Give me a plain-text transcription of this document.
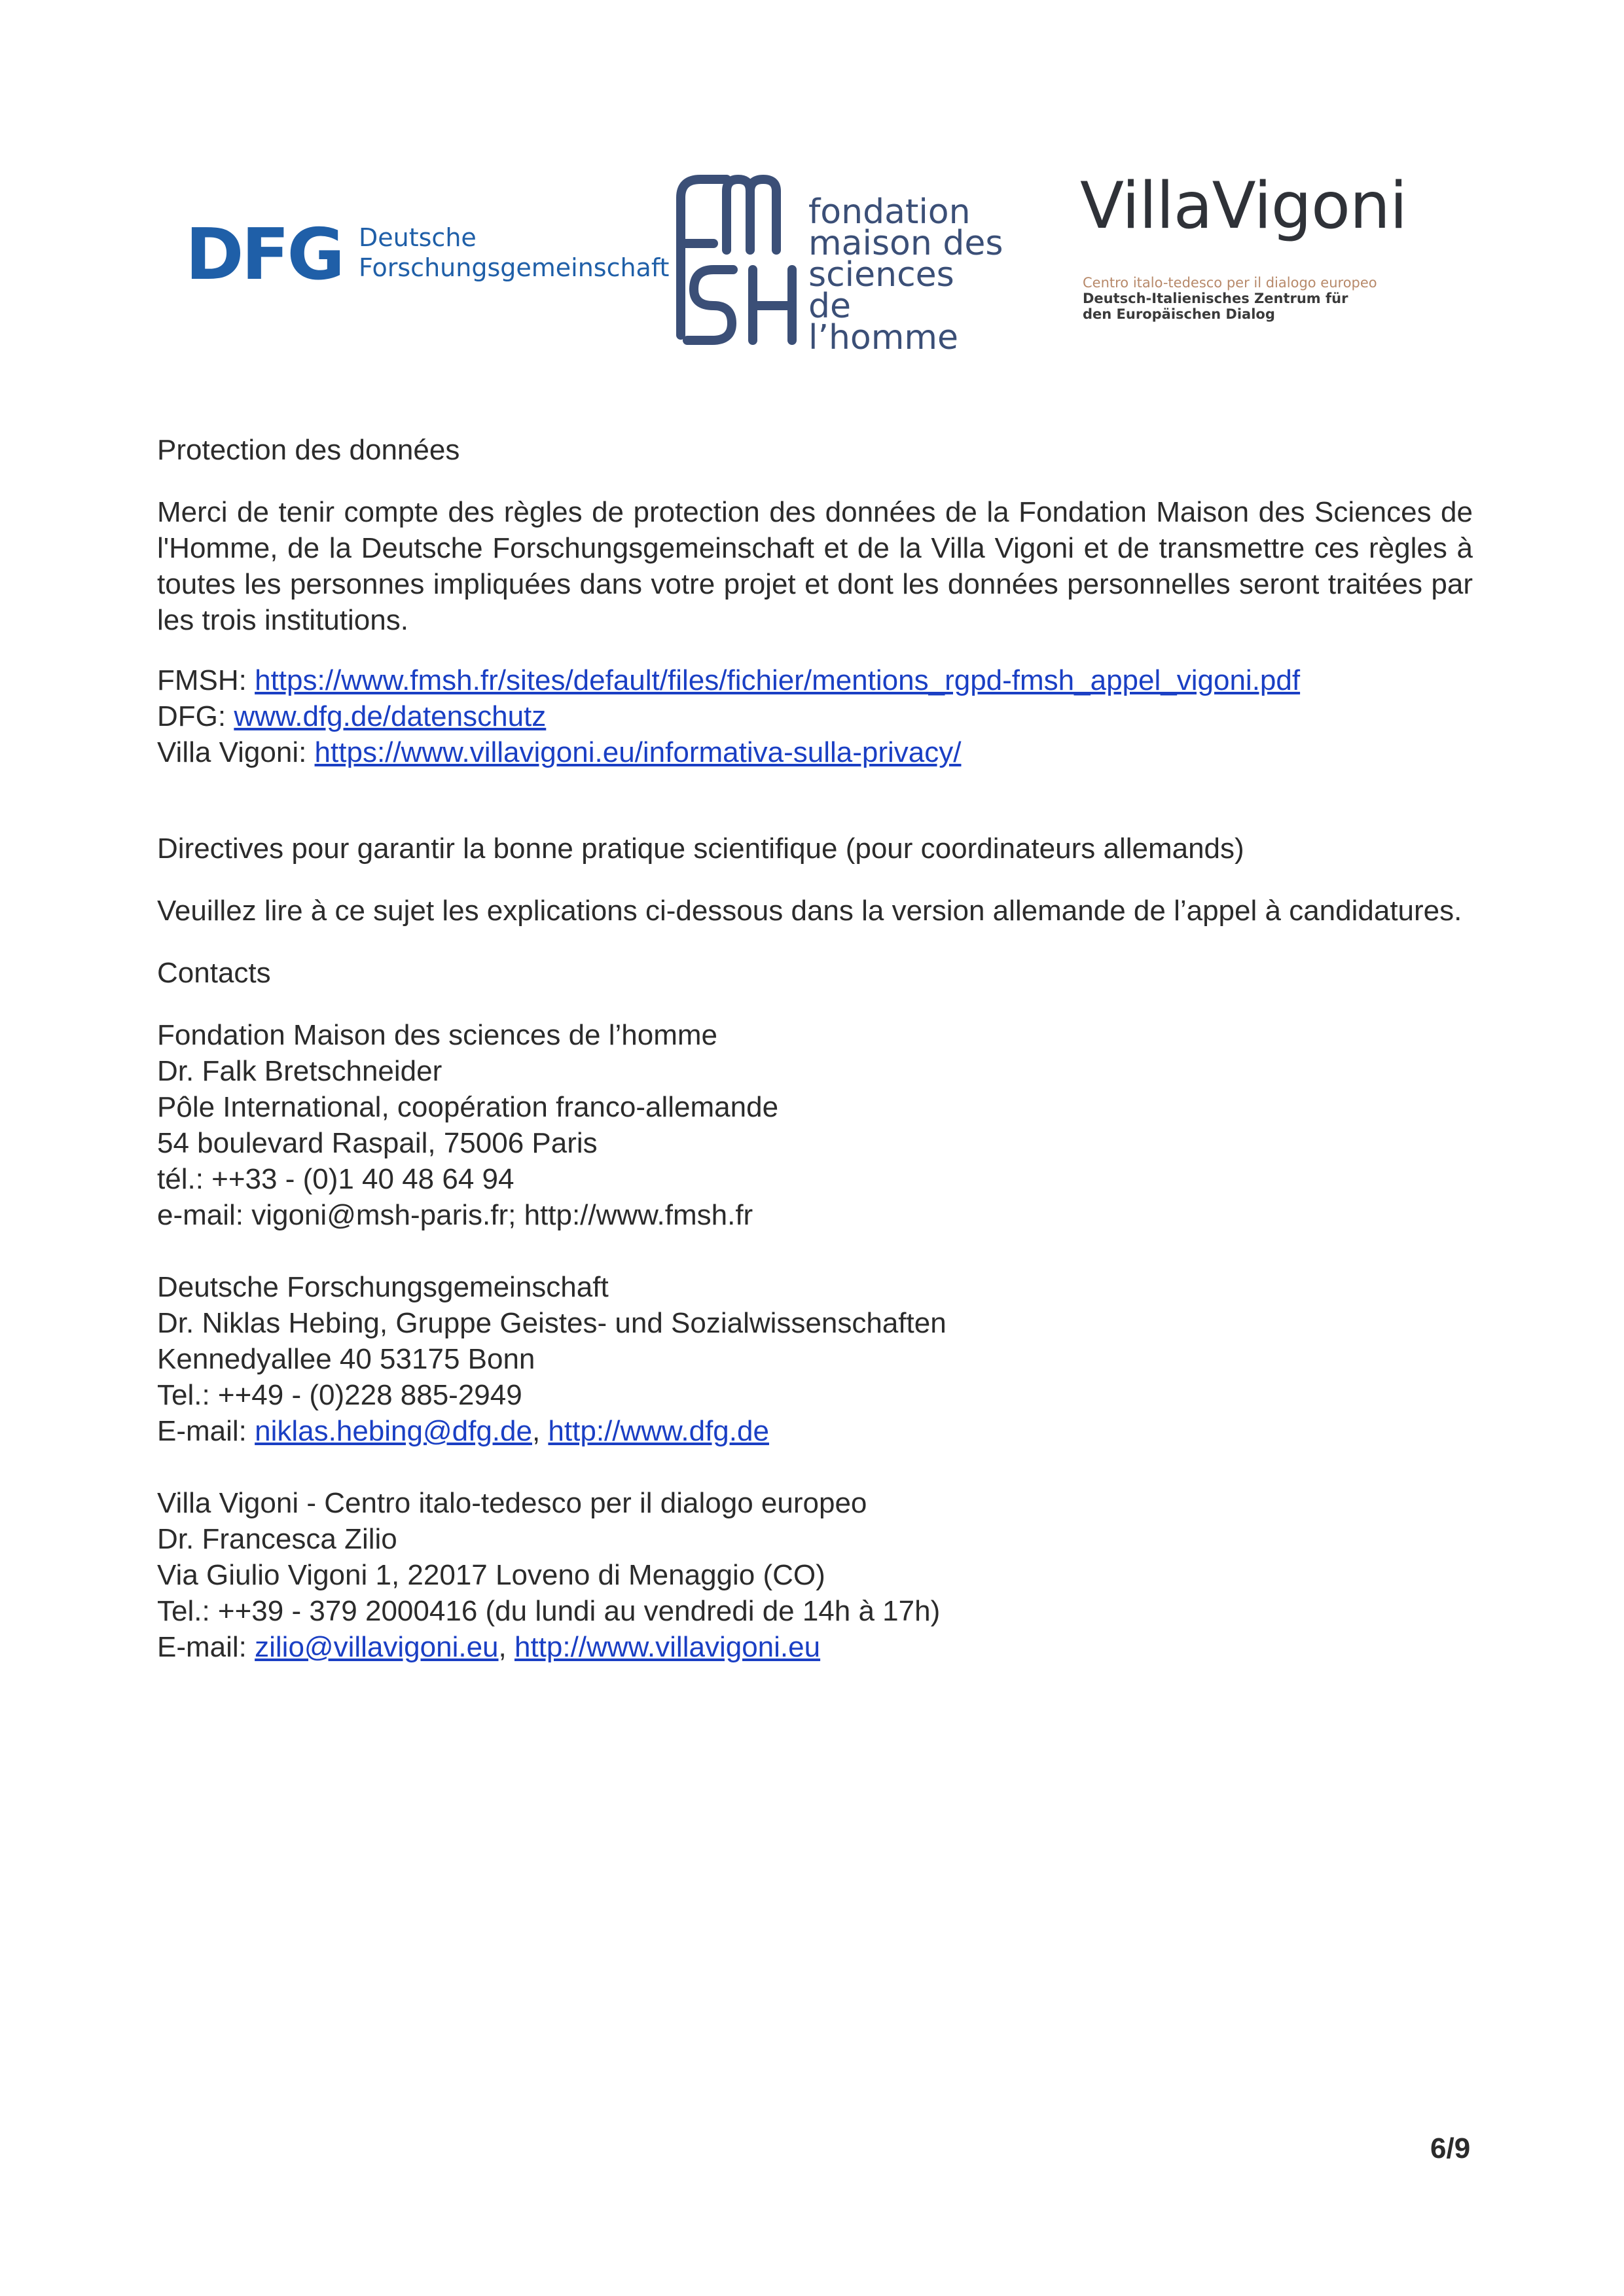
DFG Deutsche
Forschungsgemeinschaft
fondation
maison des
sciences
de l’homme
VillaVigoni
Centro italo-tedesco per il dialogo europeo
Deutsch-Italienisches Zentrum für
den Europäischen Dialog

Protection des données

Merci de tenir compte des règles de protection des données de la Fondation Maison des Sciences de l'Homme, de la Deutsche Forschungsgemeinschaft et de la Villa Vigoni et de transmettre ces règles à toutes les personnes impliquées dans votre projet et dont les données personnelles seront traitées par les trois institutions.

FMSH: https://www.fmsh.fr/sites/default/files/fichier/mentions_rgpd-fmsh_appel_vigoni.pdf

DFG: www.dfg.de/datenschutz

Villa Vigoni: https://www.villavigoni.eu/informativa-sulla-privacy/

Directives pour garantir la bonne pratique scientifique (pour coordinateurs allemands)

Veuillez lire à ce sujet les explications ci-dessous dans la version allemande de l’appel à candidatures.

Contacts

Fondation Maison des sciences de l’homme

Dr. Falk Bretschneider

Pôle International, coopération franco-allemande

54 boulevard Raspail, 75006 Paris

tél.: ++33 - (0)1 40 48 64 94

e-mail: vigoni@msh-paris.fr; http://www.fmsh.fr

Deutsche Forschungsgemeinschaft

Dr. Niklas Hebing, Gruppe Geistes- und Sozialwissenschaften

Kennedyallee 40 53175 Bonn

Tel.: ++49 - (0)228 885-2949

E-mail: niklas.hebing@dfg.de, http://www.dfg.de

Villa Vigoni - Centro italo-tedesco per il dialogo europeo

Dr. Francesca Zilio

Via Giulio Vigoni 1, 22017 Loveno di Menaggio (CO)

Tel.: ++39 - 379 2000416 (du lundi au vendredi de 14h à 17h)

E-mail: zilio@villavigoni.eu, http://www.villavigoni.eu

6/9
